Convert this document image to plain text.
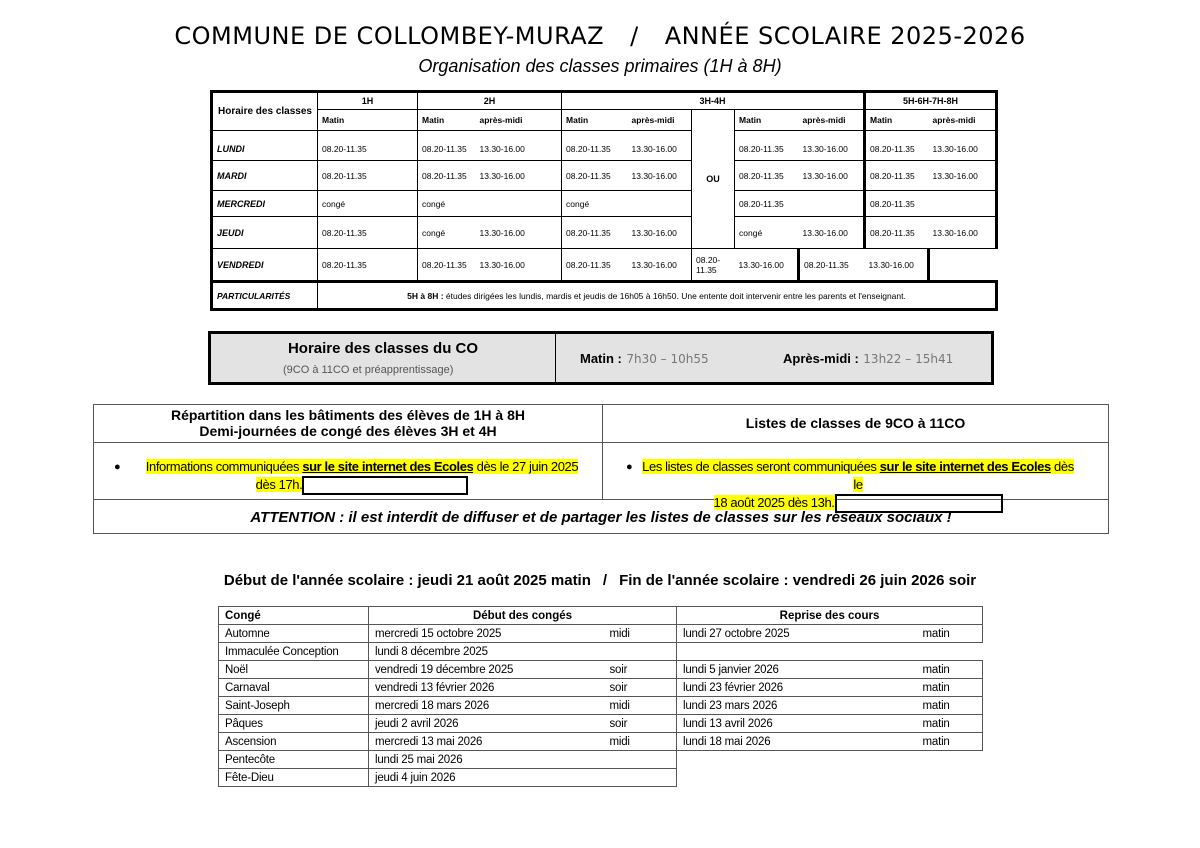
COMMUNE DE COLLOMBEY-MURAZ / ANNÉE SCOLAIRE 2025-2026
Organisation des classes primaires (1H à 8H)
Horaire des classes	1H	2H		3H-4H					5H-6H-7H-8H	
	Matin	Matin	après-midi	Matin	après-midi	OU	Matin	après-midi	Matin	après-midi

LUNDI	08.20-11.35	08.20-11.35	13.30-16.00	08.20-11.35	13.30-16.00		08.20-11.35	13.30-16.00	08.20-11.35	13.30-16.00
MARDI	08.20-11.35	08.20-11.35	13.30-16.00	08.20-11.35	13.30-16.00		08.20-11.35	13.30-16.00	08.20-11.35	13.30-16.00
MERCREDI	congé	congé		congé			08.20-11.35		08.20-11.35	
JEUDI	08.20-11.35	congé	13.30-16.00	08.20-11.35	13.30-16.00		congé	13.30-16.00	08.20-11.35	13.30-16.00
VENDREDI	08.20-11.35	08.20-11.35	13.30-16.00	08.20-11.35	13.30-16.00	08.20-11.35	13.30-16.00	08.20-11.35	13.30-16.00	
PARTICULARITÉS	5H à 8H : études dirigées les lundis, mardis et jeudis de 16h05 à 16h50. Une entente doit intervenir entre les parents et l'enseignant.									
Horaire des classes du CO
(9CO à 11CO et préapprentissage)
Matin : 7h30 – 10h55	Après-midi : 13h22 – 15h41
Répartition dans les bâtiments des élèves de 1H à 8H
Demi-journées de congé des élèves 3H et 4H	Listes de classes de 9CO à 11CO
●	Informations communiquées sur le site internet des Ecoles dès le 27 juin 2025
dès 17h.
● Les listes de classes seront communiquées sur le site internet des Ecoles dès le
18 août 2025 dès 13h.
ATTENTION : il est interdit de diffuser et de partager les listes de classes sur les réseaux sociaux !
Début de l'année scolaire : jeudi 21 août 2025 matin / Fin de l'année scolaire : vendredi 26 juin 2026 soir
Congé	Début des congés		Reprise des cours	
Automne	mercredi 15 octobre 2025	midi	lundi 27 octobre 2025	matin
Immaculée Conception	lundi 8 décembre 2025			
Noël	vendredi 19 décembre 2025	soir	lundi 5 janvier 2026	matin
Carnaval	vendredi 13 février 2026	soir	lundi 23 février 2026	matin
Saint-Joseph	mercredi 18 mars 2026	midi	lundi 23 mars 2026	matin
Pâques	jeudi 2 avril 2026	soir	lundi 13 avril 2026	matin
Ascension	mercredi 13 mai 2026	midi	lundi 18 mai 2026	matin
Pentecôte	lundi 25 mai 2026			
Fête-Dieu	jeudi 4 juin 2026			
